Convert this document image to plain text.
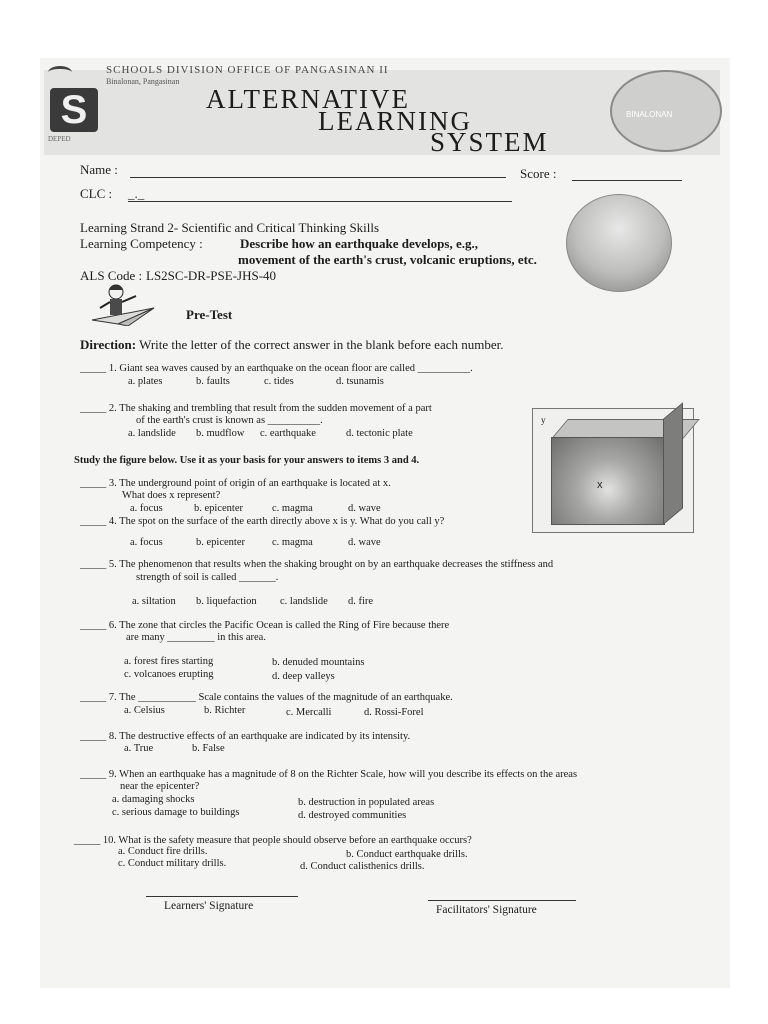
S
SCHOOLS DIVISION OFFICE OF PANGASINAN II
Binalonan, Pangasinan
DEPED
ALTERNATIVE
LEARNING
SYSTEM
BINALONAN
Name :	Score :
CLC : _._
Learning Strand 2- Scientific and Critical Thinking Skills
Learning Competency :	Describe how an earthquake develops, e.g.,
movement of the earth's crust, volcanic eruptions, etc.
ALS Code : LS2SC-DR-PSE-JHS-40
Pre-Test
Direction: Write the letter of the correct answer in the blank before each number.
_____ 1. Giant sea waves caused by an earthquake on the ocean floor are called __________.
a. plates	b. faults	c. tides	d. tsunamis
_____ 2. The shaking and trembling that result from the sudden movement of a part
of the earth's crust is known as __________.
a. landslide b. mudflow c. earthquake	d. tectonic plate
y
x
Study the figure below. Use it as your basis for your answers to items 3 and 4.
_____ 3. The underground point of origin of an earthquake is located at x.
What does x represent?
a. focus	b. epicenter	c. magma	d. wave
_____ 4. The spot on the surface of the earth directly above x is y. What do you call y?
a. focus	b. epicenter	c. magma	d. wave
_____ 5. The phenomenon that results when the shaking brought on by an earthquake decreases the stiffness and
strength of soil is called _______.
a. siltation b. liquefaction c. landslide d. fire
_____ 6. The zone that circles the Pacific Ocean is called the Ring of Fire because there
are many _________ in this area.
a. forest fires starting	b. denuded mountains
c. volcanoes erupting	d. deep valleys
_____ 7. The ___________ Scale contains the values of the magnitude of an earthquake.
a. Celsius	b. Richter	c. Mercalli	d. Rossi-Forel
_____ 8. The destructive effects of an earthquake are indicated by its intensity.
a. True	b. False
_____ 9. When an earthquake has a magnitude of 8 on the Richter Scale, how will you describe its effects on the areas
near the epicenter?
a. damaging shocks	b. destruction in populated areas
c. serious damage to buildings	d. destroyed communities
_____ 10. What is the safety measure that people should observe before an earthquake occurs?
a. Conduct fire drills.	b. Conduct earthquake drills.
c. Conduct military drills.	d. Conduct calisthenics drills.
Learners' Signature	Facilitators' Signature
